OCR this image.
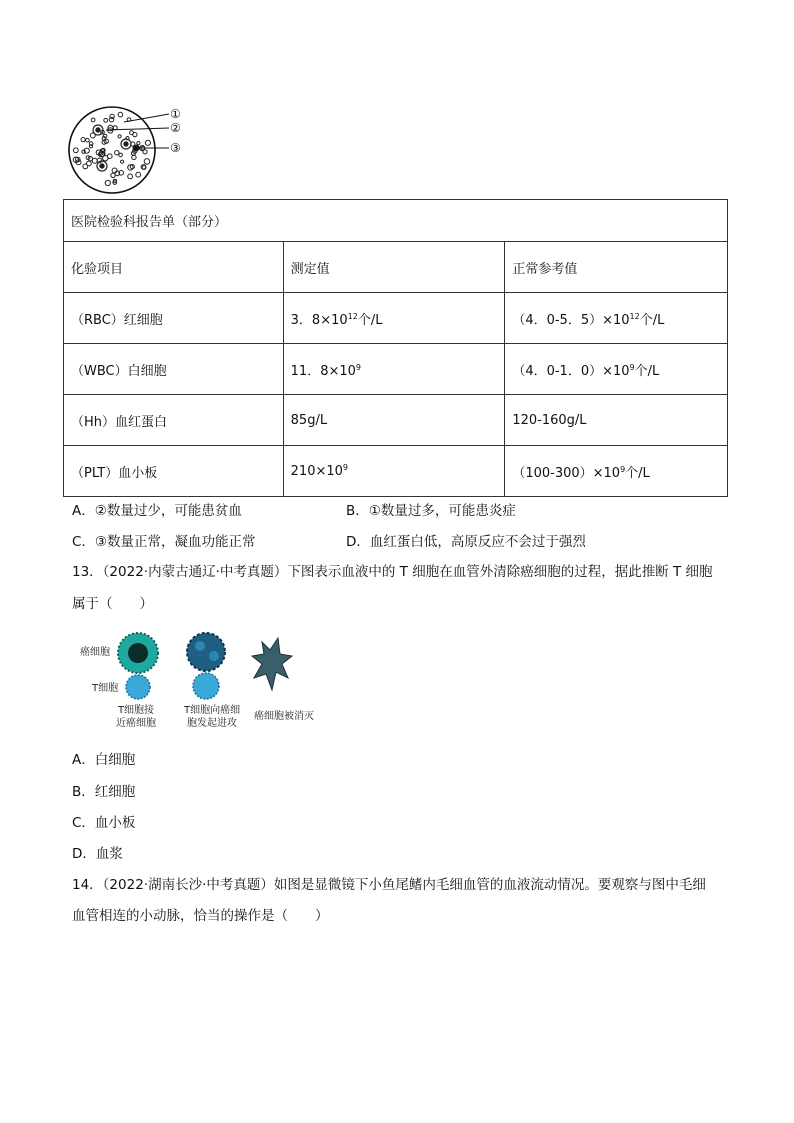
①
②
③
医院检验科报告单（部分）		
化验项目	测定值	正常参考值
（RBC）红细胞	3．$8\times 10^{12}$个/L	（4．0-5．$5)\times 10^{12}$个/L
（WBC）白细胞	11．$8\times 10^9$	（4．0-1．$0)\times 10^9$个/L
（Hh）血红蛋白	85g/L	120-160g/L
（PLT）血小板	$210\times 10^9$	$(100-300)\times 10^9$个/L
A．②数量过少，可能患贫血	B．①数量过多，可能患炎症
C．③数量正常，凝血功能正常	D．血红蛋白低，高原反应不会过于强烈
13．（2022·内蒙古通辽·中考真题）下图表示血液中的 T 细胞在血管外清除癌细胞的过程，据此推断 T 细胞
属于（　　）
癌细胞
T细胞
T细胞接
近癌细胞
T细胞向癌细
胞发起进攻
癌细胞被消灭
A．白细胞
B．红细胞
C．血小板
D．血浆
14．（2022·湖南长沙·中考真题）如图是显微镜下小鱼尾鳍内毛细血管的血液流动情况。要观察与图中毛细
血管相连的小动脉，恰当的操作是（　　）
